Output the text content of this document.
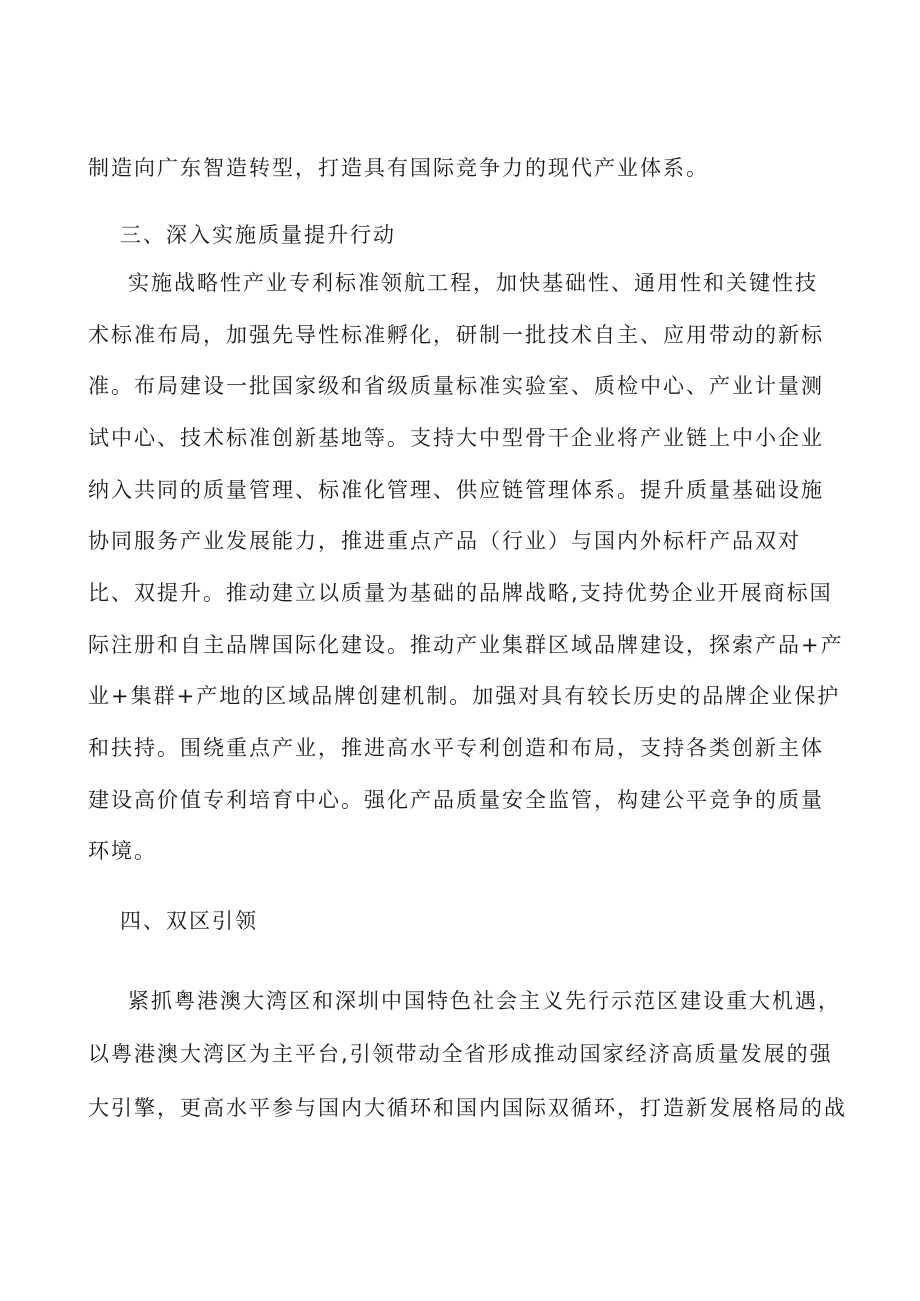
制造向广东智造转型，打造具有国际竞争力的现代产业体系。
三、深入实施质量提升行动
实施战略性产业专利标准领航工程，加快基础性、通用性和关键性技
术标准布局，加强先导性标准孵化，研制一批技术自主、应用带动的新标
准。布局建设一批国家级和省级质量标准实验室、质检中心、产业计量测
试中心、技术标准创新基地等。支持大中型骨干企业将产业链上中小企业
纳入共同的质量管理、标准化管理、供应链管理体系。提升质量基础设施
协同服务产业发展能力，推进重点产品（行业）与国内外标杆产品双对
比、双提升。推动建立以质量为基础的品牌战略,支持优势企业开展商标国
际注册和自主品牌国际化建设。推动产业集群区域品牌建设，探索产品+产
业+集群+产地的区域品牌创建机制。加强对具有较长历史的品牌企业保护
和扶持。围绕重点产业，推进高水平专利创造和布局，支持各类创新主体
建设高价值专利培育中心。强化产品质量安全监管，构建公平竞争的质量
环境。
四、双区引领
紧抓粤港澳大湾区和深圳中国特色社会主义先行示范区建设重大机遇，
以粤港澳大湾区为主平台,引领带动全省形成推动国家经济高质量发展的强
大引擎，更高水平参与国内大循环和国内国际双循环，打造新发展格局的战
